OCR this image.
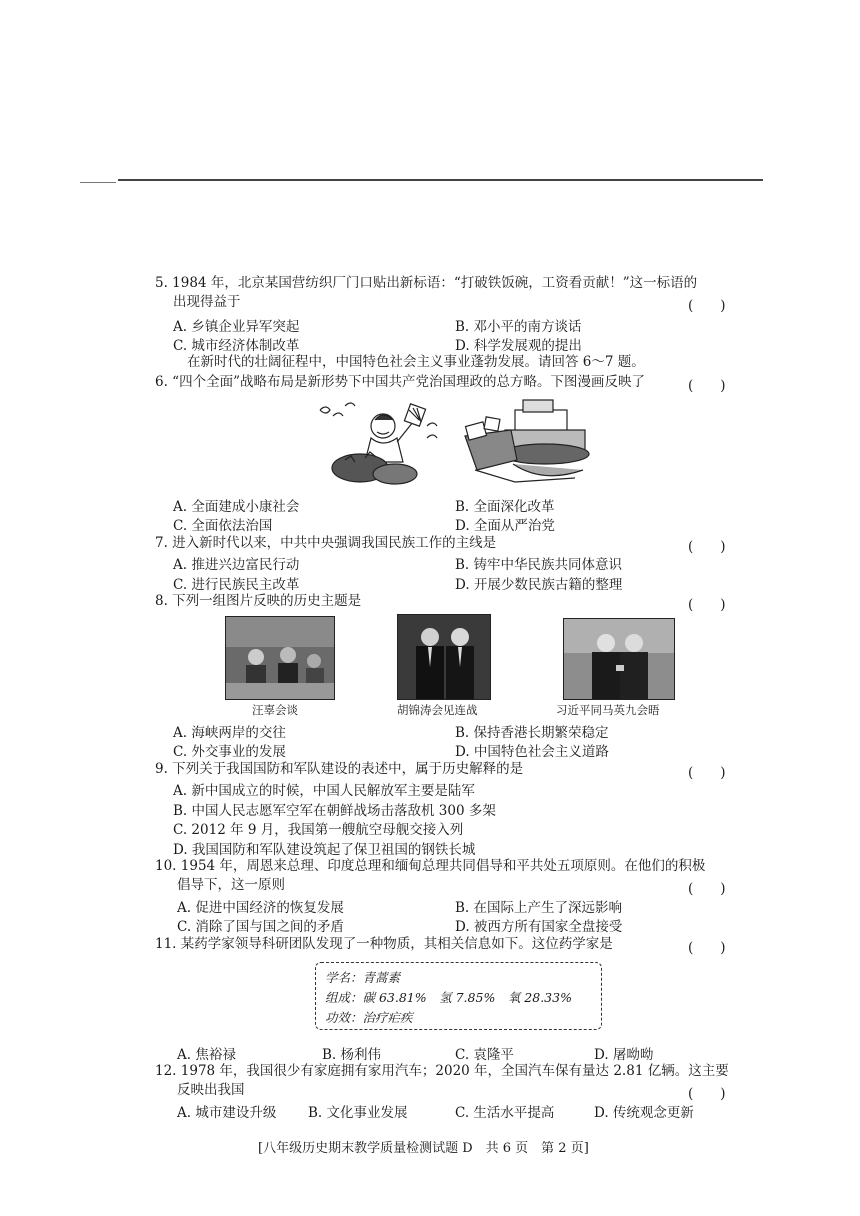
5. 1984 年，北京某国营纺织厂门口贴出新标语：“打破铁饭碗，工资看贡献！”这一标语的
出现得益于	(　　)
A. 乡镇企业异军突起	B. 邓小平的南方谈话
C. 城市经济体制改革	D. 科学发展观的提出
在新时代的壮阔征程中，中国特色社会主义事业蓬勃发展。请回答 6～7 题。
6. “四个全面”战略布局是新形势下中国共产党治国理政的总方略。下图漫画反映了	(　　)
A. 全面建成小康社会	B. 全面深化改革
C. 全面依法治国	D. 全面从严治党
7. 进入新时代以来，中共中央强调我国民族工作的主线是	(　　)
A. 推进兴边富民行动	B. 铸牢中华民族共同体意识
C. 进行民族民主改革	D. 开展少数民族古籍的整理
8. 下列一组图片反映的历史主题是	(　　)
汪辜会谈	胡锦涛会见连战	习近平同马英九会晤
A. 海峡两岸的交往	B. 保持香港长期繁荣稳定
C. 外交事业的发展	D. 中国特色社会主义道路
9. 下列关于我国国防和军队建设的表述中，属于历史解释的是	(　　)
A. 新中国成立的时候，中国人民解放军主要是陆军
B. 中国人民志愿军空军在朝鲜战场击落敌机 300 多架
C. 2012 年 9 月，我国第一艘航空母舰交接入列
D. 我国国防和军队建设筑起了保卫祖国的钢铁长城
10. 1954 年，周恩来总理、印度总理和缅甸总理共同倡导和平共处五项原则。在他们的积极
倡导下，这一原则	(　　)
A. 促进中国经济的恢复发展	B. 在国际上产生了深远影响
C. 消除了国与国之间的矛盾	D. 被西方所有国家全盘接受
11. 某药学家领导科研团队发现了一种物质，其相关信息如下。这位药学家是	(　　)
学名：青蒿素
组成：碳 63.81%　氢 7.85%　氧 28.33%
功效：治疗疟疾
A. 焦裕禄	B. 杨利伟	C. 袁隆平	D. 屠呦呦
12. 1978 年，我国很少有家庭拥有家用汽车；2020 年，全国汽车保有量达 2.81 亿辆。这主要
反映出我国	(　　)
A. 城市建设升级 B. 文化事业发展	C. 生活水平提高	D. 传统观念更新
[八年级历史期末教学质量检测试题 D　共 6 页　第 2 页]
